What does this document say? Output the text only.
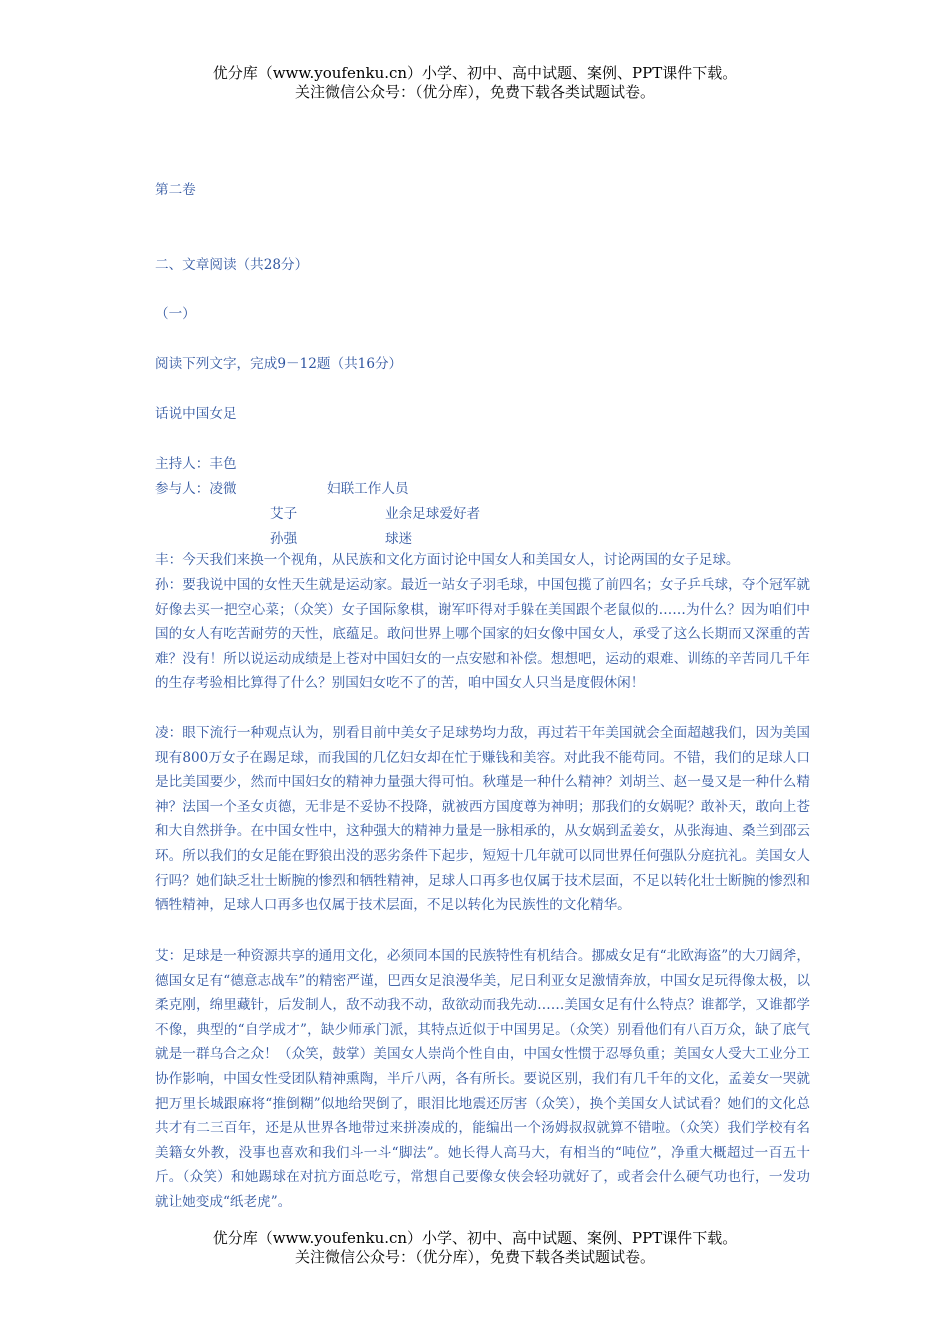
优分库（www.youfenku.cn）小学、初中、高中试题、案例、PPT课件下载。
关注微信公众号：（优分库），免费下载各类试题试卷。
第二卷
二、文章阅读（共28分）
（一）
阅读下列文字，完成9－12题（共16分）
话说中国女足
主持人：丰色
参与人：凌微	妇联工作人员
艾子	业余足球爱好者
孙强	球迷
丰：今天我们来换一个视角，从民族和文化方面讨论中国女人和美国女人，讨论两国的女子足球。
孙：要我说中国的女性天生就是运动家。最近一站女子羽毛球，中国包揽了前四名；女子乒乓球，夺个冠军就好像去买一把空心菜；（众笑）女子国际象棋，谢军吓得对手躲在美国跟个老鼠似的……为什么？因为咱们中国的女人有吃苦耐劳的天性，底蕴足。敢问世界上哪个国家的妇女像中国女人，承受了这么长期而又深重的苦难？没有！所以说运动成绩是上苍对中国妇女的一点安慰和补偿。想想吧，运动的艰难、训练的辛苦同几千年的生存考验相比算得了什么？别国妇女吃不了的苦，咱中国女人只当是度假休闲！
凌：眼下流行一种观点认为，别看目前中美女子足球势均力敌，再过若干年美国就会全面超越我们，因为美国现有800万女子在踢足球，而我国的几亿妇女却在忙于赚钱和美容。对此我不能苟同。不错，我们的足球人口是比美国要少，然而中国妇女的精神力量强大得可怕。秋瑾是一种什么精神？刘胡兰、赵一曼又是一种什么精神？法国一个圣女贞德，无非是不妥协不投降，就被西方国度尊为神明；那我们的女娲呢？敢补天，敢向上苍和大自然拼争。在中国女性中，这种强大的精神力量是一脉相承的，从女娲到孟姜女，从张海迪、桑兰到邵云环。所以我们的女足能在野狼出没的恶劣条件下起步，短短十几年就可以同世界任何强队分庭抗礼。美国女人行吗？她们缺乏壮士断腕的惨烈和牺牲精神，足球人口再多也仅属于技术层面，不足以转化壮士断腕的惨烈和牺牲精神，足球人口再多也仅属于技术层面，不足以转化为民族性的文化精华。
艾：足球是一种资源共享的通用文化，必须同本国的民族特性有机结合。挪威女足有“北欧海盗”的大刀阔斧，德国女足有“德意志战车”的精密严谨，巴西女足浪漫华美，尼日利亚女足激情奔放，中国女足玩得像太极，以柔克刚，绵里藏针，后发制人，敌不动我不动，敌欲动而我先动……美国女足有什么特点？谁都学，又谁都学不像，典型的“自学成才”，缺少师承门派，其特点近似于中国男足。（众笑）别看他们有八百万众，缺了底气就是一群乌合之众！（众笑，鼓掌）美国女人崇尚个性自由，中国女性惯于忍辱负重；美国女人受大工业分工协作影响，中国女性受团队精神熏陶，半斤八两，各有所长。要说区别，我们有几千年的文化，孟姜女一哭就把万里长城跟麻将“推倒糊”似地给哭倒了，眼泪比地震还厉害（众笑），换个美国女人试试看？她们的文化总共才有二三百年，还是从世界各地带过来拼凑成的，能编出一个汤姆叔叔就算不错啦。（众笑）我们学校有名美籍女外教，没事也喜欢和我们斗一斗“脚法”。她长得人高马大，有相当的“吨位”，净重大概超过一百五十斤。（众笑）和她踢球在对抗方面总吃亏，常想自己要像女侠会轻功就好了，或者会什么硬气功也行，一发功就让她变成“纸老虎”。
优分库（www.youfenku.cn）小学、初中、高中试题、案例、PPT课件下载。
关注微信公众号：（优分库），免费下载各类试题试卷。
